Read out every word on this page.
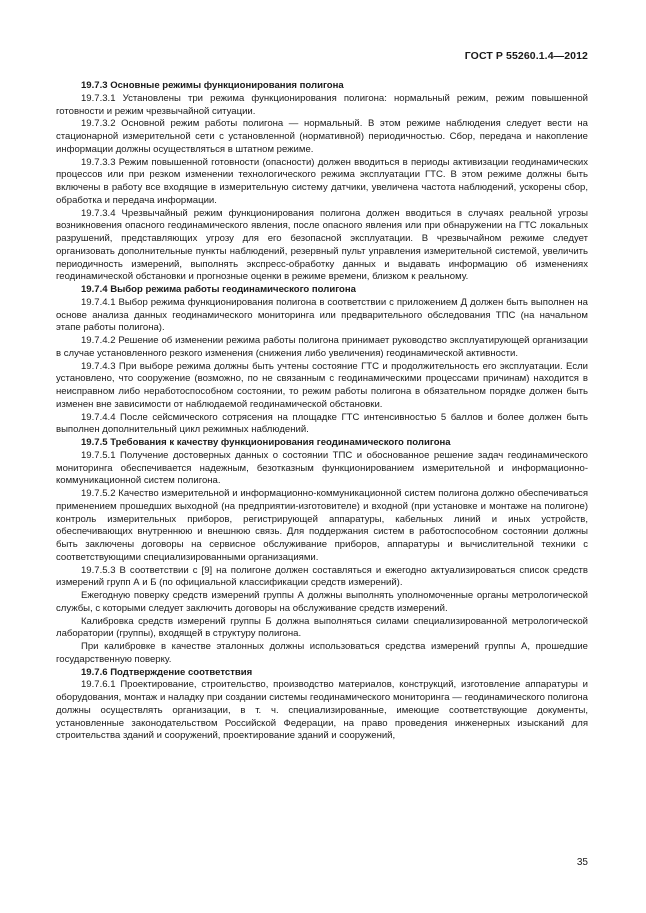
ГОСТ Р 55260.1.4—2012

19.7.3 Основные режимы функционирования полигона

19.7.3.1 Установлены три режима функционирования полигона: нормальный режим, режим повышенной готовности и режим чрезвычайной ситуации.

19.7.3.2 Основной режим работы полигона — нормальный. В этом режиме наблюдения следует вести на стационарной измерительной сети с установленной (нормативной) периодичностью. Сбор, передача и накопление информации должны осуществляться в штатном режиме.

19.7.3.3 Режим повышенной готовности (опасности) должен вводиться в периоды активизации геодинамических процессов или при резком изменении технологического режима эксплуатации ГТС. В этом режиме должны быть включены в работу все входящие в измерительную систему датчики, увеличена частота наблюдений, ускорены сбор, обработка и передача информации.

19.7.3.4 Чрезвычайный режим функционирования полигона должен вводиться в случаях реальной угрозы возникновения опасного геодинамического явления, после опасного явления или при обнаружении на ГТС локальных разрушений, представляющих угрозу для его безопасной эксплуатации. В чрезвычайном режиме следует организовать дополнительные пункты наблюдений, резервный пульт управления измерительной системой, увеличить периодичность измерений, выполнять экспресс-обработку данных и выдавать информацию об изменениях геодинамической обстановки и прогнозные оценки в режиме времени, близком к реальному.

19.7.4 Выбор режима работы геодинамического полигона

19.7.4.1 Выбор режима функционирования полигона в соответствии с приложением Д должен быть выполнен на основе анализа данных геодинамического мониторинга или предварительного обследования ТПС (на начальном этапе работы полигона).

19.7.4.2 Решение об изменении режима работы полигона принимает руководство эксплуатирующей организации в случае установленного резкого изменения (снижения либо увеличения) геодинамической активности.

19.7.4.3 При выборе режима должны быть учтены состояние ГТС и продолжительность его эксплуатации. Если установлено, что сооружение (возможно, по не связанным с геодинамическими процессами причинам) находится в неисправном либо неработоспособном состоянии, то режим работы полигона в обязательном порядке должен быть изменен вне зависимости от наблюдаемой геодинамической обстановки.

19.7.4.4 После сейсмического сотрясения на площадке ГТС интенсивностью 5 баллов и более должен быть выполнен дополнительный цикл режимных наблюдений.

19.7.5 Требования к качеству функционирования геодинамического полигона

19.7.5.1 Получение достоверных данных о состоянии ТПС и обоснованное решение задач геодинамического мониторинга обеспечивается надежным, безотказным функционированием измерительной и информационно-коммуникационной систем полигона.

19.7.5.2 Качество измерительной и информационно-коммуникационной систем полигона должно обеспечиваться применением прошедших выходной (на предприятии-изготовителе) и входной (при установке и монтаже на полигоне) контроль измерительных приборов, регистрирующей аппаратуры, кабельных линий и иных устройств, обеспечивающих внутреннюю и внешнюю связь. Для поддержания систем в работоспособном состоянии должны быть заключены договоры на сервисное обслуживание приборов, аппаратуры и вычислительной техники с соответствующими специализированными организациями.

19.7.5.3 В соответствии с [9] на полигоне должен составляться и ежегодно актуализироваться список средств измерений групп А и Б (по официальной классификации средств измерений).

Ежегодную поверку средств измерений группы А должны выполнять уполномоченные органы метрологической службы, с которыми следует заключить договоры на обслуживание средств измерений.

Калибровка средств измерений группы Б должна выполняться силами специализированной метрологической лаборатории (группы), входящей в структуру полигона.

При калибровке в качестве эталонных должны использоваться средства измерений группы А, прошедшие государственную поверку.

19.7.6 Подтверждение соответствия

19.7.6.1 Проектирование, строительство, производство материалов, конструкций, изготовление аппаратуры и оборудования, монтаж и наладку при создании системы геодинамического мониторинга — геодинамического полигона должны осуществлять организации, в т. ч. специализированные, имеющие соответствующие документы, установленные законодательством Российской Федерации, на право проведения инженерных изысканий для строительства зданий и сооружений, проектирование зданий и сооружений,

35
